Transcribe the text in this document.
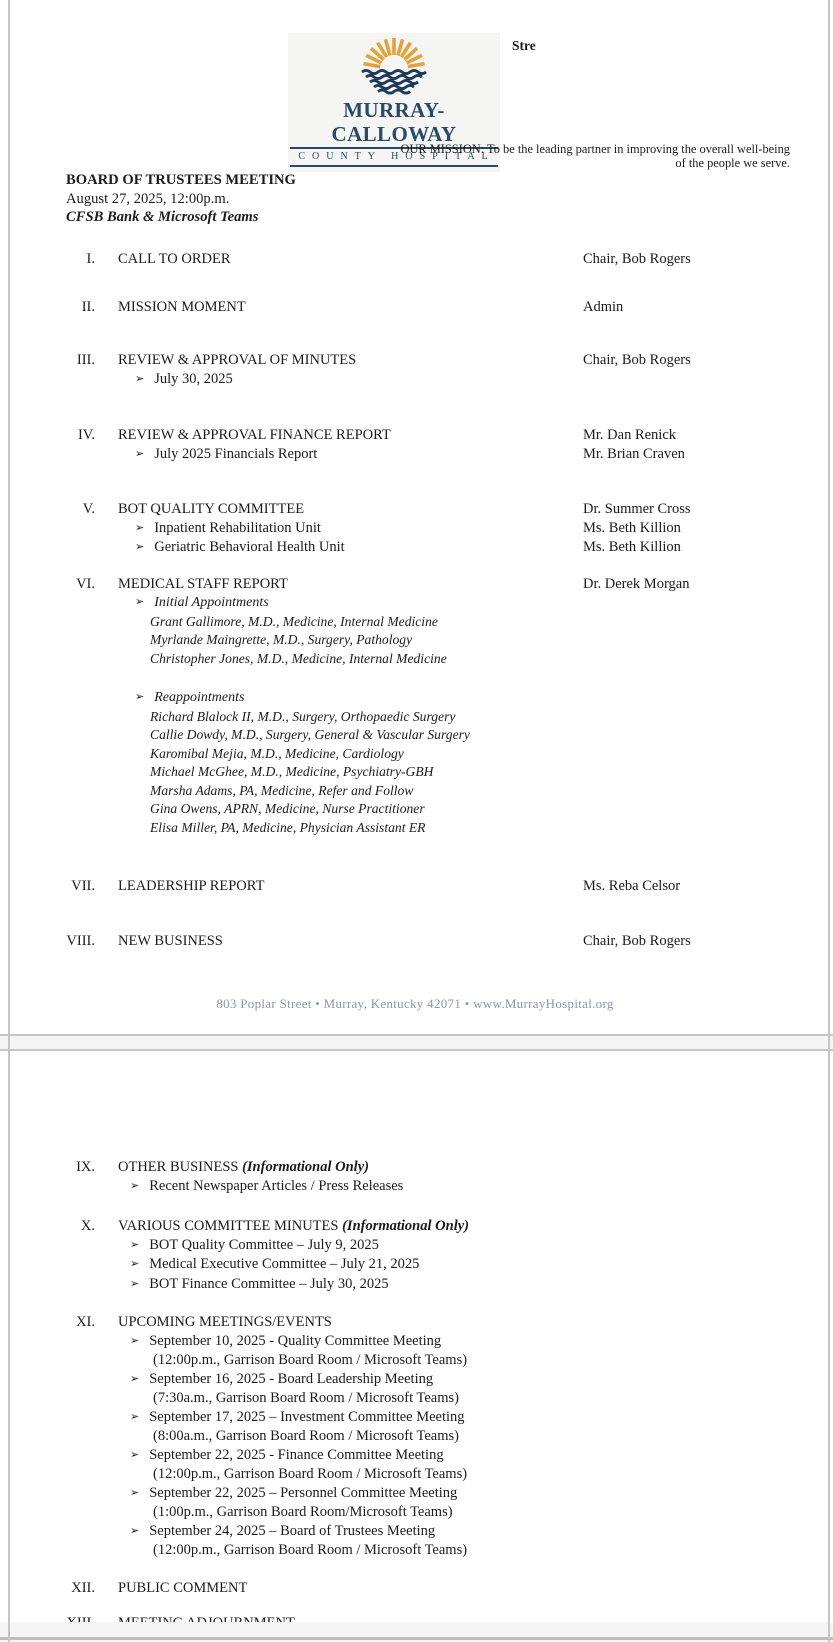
MURRAY-CALLOWAY
COUNTY HOSPITAL
Stre
OUR MISSION: To be the leading partner in improving the overall well-being
of the people we serve.
BOARD OF TRUSTEES MEETING
August 27, 2025, 12:00p.m.
CFSB Bank & Microsoft Teams
I.	CALL TO ORDER	Chair, Bob Rogers
II.	MISSION MOMENT	Admin
III.	REVIEW & APPROVAL OF MINUTES	Chair, Bob Rogers
➢ July 30, 2025
IV.	REVIEW & APPROVAL FINANCE REPORT	Mr. Dan Renick
➢ July 2025 Financials Report	Mr. Brian Craven
V.	BOT QUALITY COMMITTEE	Dr. Summer Cross
➢ Inpatient Rehabilitation Unit	Ms. Beth Killion
➢ Geriatric Behavioral Health Unit	Ms. Beth Killion
VI.	MEDICAL STAFF REPORT	Dr. Derek Morgan
➢ Initial Appointments
Grant Gallimore, M.D., Medicine, Internal Medicine
Myrlande Maingrette, M.D., Surgery, Pathology
Christopher Jones, M.D., Medicine, Internal Medicine
➢ Reappointments
Richard Blalock II, M.D., Surgery, Orthopaedic Surgery
Callie Dowdy, M.D., Surgery, General & Vascular Surgery
Karomibal Mejia, M.D., Medicine, Cardiology
Michael McGhee, M.D., Medicine, Psychiatry-GBH
Marsha Adams, PA, Medicine, Refer and Follow
Gina Owens, APRN, Medicine, Nurse Practitioner
Elisa Miller, PA, Medicine, Physician Assistant ER
VII.	LEADERSHIP REPORT	Ms. Reba Celsor
VIII.	NEW BUSINESS	Chair, Bob Rogers
803 Poplar Street • Murray, Kentucky 42071 • www.MurrayHospital.org
IX.	OTHER BUSINESS (Informational Only)
➢ Recent Newspaper Articles / Press Releases
X.	VARIOUS COMMITTEE MINUTES (Informational Only)
➢ BOT Quality Committee – July 9, 2025
➢ Medical Executive Committee – July 21, 2025
➢ BOT Finance Committee – July 30, 2025
XI.	UPCOMING MEETINGS/EVENTS
➢ September 10, 2025 - Quality Committee Meeting
(12:00p.m., Garrison Board Room / Microsoft Teams)
➢ September 16, 2025 - Board Leadership Meeting
(7:30a.m., Garrison Board Room / Microsoft Teams)
➢ September 17, 2025 – Investment Committee Meeting
(8:00a.m., Garrison Board Room / Microsoft Teams)
➢ September 22, 2025 - Finance Committee Meeting
(12:00p.m., Garrison Board Room / Microsoft Teams)
➢ September 22, 2025 – Personnel Committee Meeting
(1:00p.m., Garrison Board Room/Microsoft Teams)
➢ September 24, 2025 – Board of Trustees Meeting
(12:00p.m., Garrison Board Room / Microsoft Teams)
XII.	PUBLIC COMMENT
